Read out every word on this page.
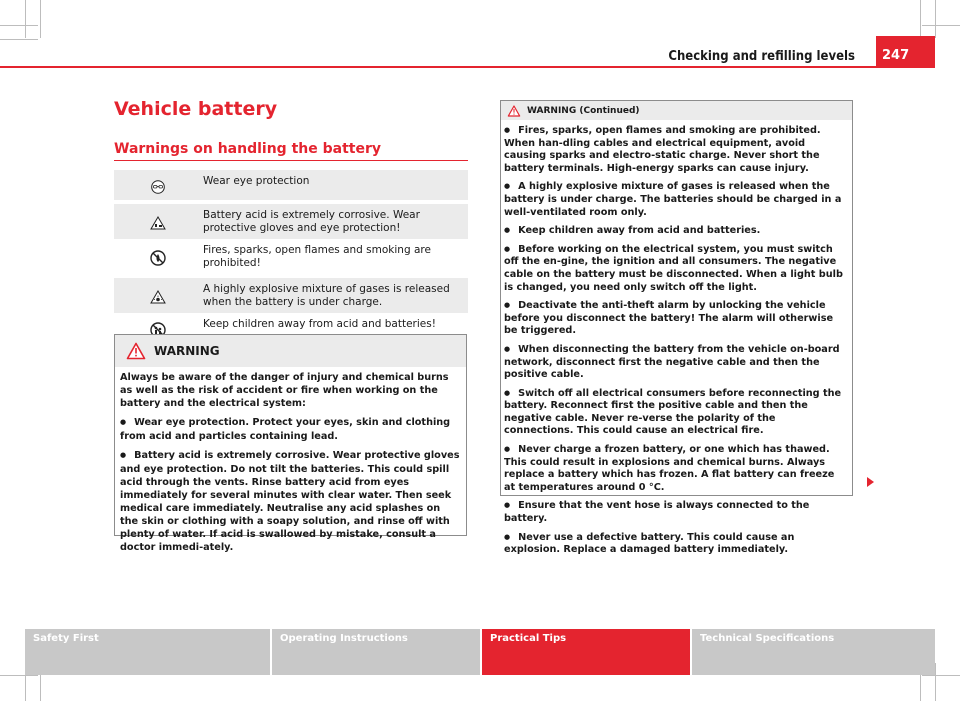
Checking and refilling levels	247
Vehicle battery
Warnings on handling the battery
Wear eye protection
Battery acid is extremely corrosive. Wear protective gloves and eye protection!
Fires, sparks, open flames and smoking are prohibited!
A highly explosive mixture of gases is released when the battery is under charge.
Keep children away from acid and batteries!
WARNING

Always be aware of the danger of injury and chemical burns as well as the risk of accident or fire when working on the battery and the electrical system:

● Wear eye protection. Protect your eyes, skin and clothing from acid and particles containing lead.

● Battery acid is extremely corrosive. Wear protective gloves and eye protection. Do not tilt the batteries. This could spill acid through the vents. Rinse battery acid from eyes immediately for several minutes with clear water. Then seek medical care immediately. Neutralise any acid splashes on the skin or clothing with a soapy solution, and rinse off with plenty of water. If acid is swallowed by mistake, consult a doctor immedi-ately.

WARNING (Continued)

● Fires, sparks, open flames and smoking are prohibited. When han-dling cables and electrical equipment, avoid causing sparks and electro-static charge. Never short the battery terminals. High-energy sparks can cause injury.

● A highly explosive mixture of gases is released when the battery is under charge. The batteries should be charged in a well-ventilated room only.

● Keep children away from acid and batteries.

● Before working on the electrical system, you must switch off the en-gine, the ignition and all consumers. The negative cable on the battery must be disconnected. When a light bulb is changed, you need only switch off the light.

● Deactivate the anti-theft alarm by unlocking the vehicle before you disconnect the battery! The alarm will otherwise be triggered.

● When disconnecting the battery from the vehicle on-board network, disconnect first the negative cable and then the positive cable.

● Switch off all electrical consumers before reconnecting the battery. Reconnect first the positive cable and then the negative cable. Never re-verse the polarity of the connections. This could cause an electrical fire.

● Never charge a frozen battery, or one which has thawed. This could result in explosions and chemical burns. Always replace a battery which has frozen. A flat battery can freeze at temperatures around 0 °C.

● Ensure that the vent hose is always connected to the battery.

● Never use a defective battery. This could cause an explosion. Replace a damaged battery immediately.

Safety First	Operating Instructions	Practical Tips	Technical Specifications
